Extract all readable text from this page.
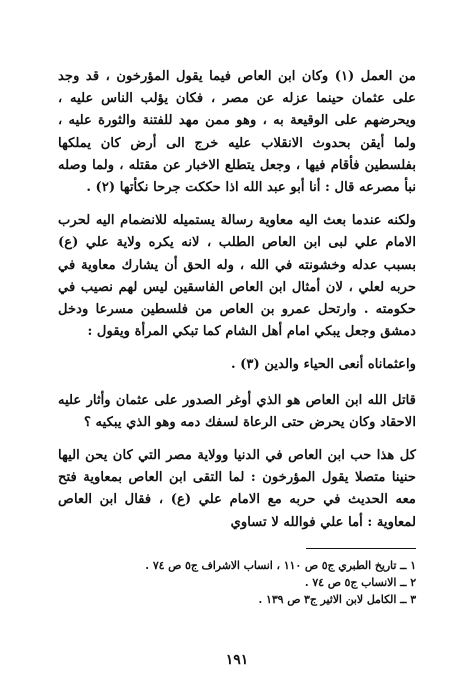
من العمل (١) وكان ابن العاص فيما يقول المؤرخون ، قد وجد على عثمان حينما عزله عن مصر ، فكان يؤلب الناس عليه ، ويحرضهم على الوقيعة به ، وهو ممن مهد للفتنة والثورة عليه ، ولما أيقن بحدوث الانقلاب عليه خرج الى أرض كان يملكها بفلسطين فأقام فيها ، وجعل يتطلع الاخبار عن مقتله ، ولما وصله نبأ مصرعه قال : أنا أبو عبد الله اذا حككت جرحا نكأتها (٢) .

ولكنه عندما بعث اليه معاوية رسالة يستميله للانضمام اليه لحرب الامام علي لبى ابن العاص الطلب ، لانه يكره ولاية علي (ع) بسبب عدله وخشونته في الله ، وله الحق أن يشارك معاوية في حربه لعلي ، لان أمثال ابن العاص الفاسقين ليس لهم نصيب في حكومته . وارتحل عمرو بن العاص من فلسطين مسرعا ودخل دمشق وجعل يبكي امام أهل الشام كما تبكي المرأة ويقول :

واعثماناه أنعى الحياء والدين (٣) .

قاتل الله ابن العاص هو الذي أوغر الصدور على عثمان وأثار عليه الاحقاد وكان يحرض حتى الرعاة لسفك دمه وهو الذي يبكيه ؟

كل هذا حب ابن العاص في الدنيا وولاية مصر التي كان يحن اليها حنينا متصلا يقول المؤرخون : لما التقى ابن العاص بمعاوية فتح معه الحديث في حربه مع الامام علي (ع) ، فقال ابن العاص لمعاوية : أما علي فوالله لا تساوي

١ ــ تاريخ الطبري ج٥ ص ١١٠ ، انساب الاشراف ج٥ ص ٧٤ .
٢ ــ الانساب ج٥ ص ٧٤ .
٣ ــ الكامل لابن الاثير ج٣ ص ١٣٩ .
١٩١
